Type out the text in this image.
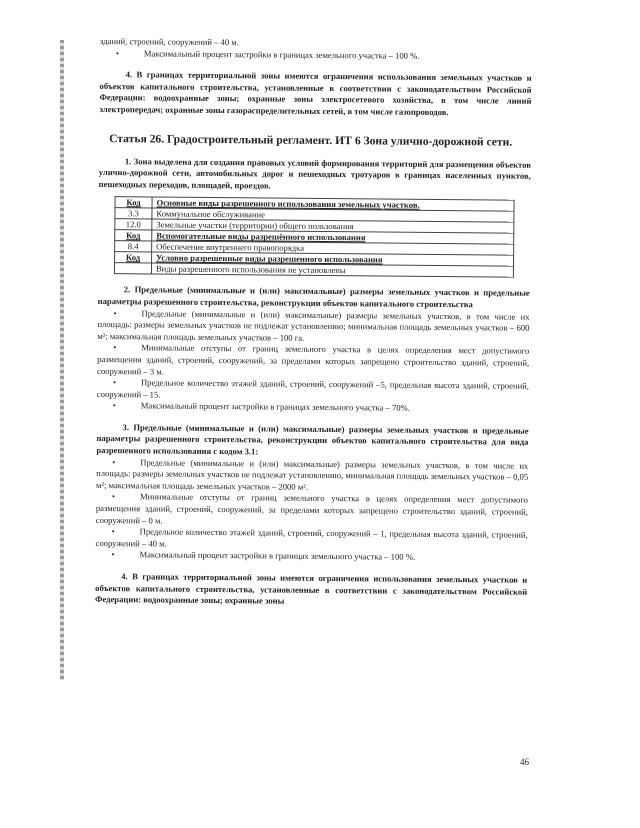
зданий, строений, сооружений – 40 м.

• Максимальный процент застройки в границах земельного участка – 100 %.

4. В границах территориальной зоны имеются ограничения использования земельных участков и объектов капитального строительства, установленные в соответствии с законодательством Российской Федерации: водоохранные зоны; охранные зоны электросетевого хозяйства, в том числе линий электропередач; охранные зоны газораспределительных сетей, в том числе газопроводов.

Статья 26. Градостроительный регламент. ИТ 6 Зона улично-дорожной сети.

1. Зона выделена для создания правовых условий формирования территорий для размещения объектов улично-дорожной сети, автомобильных дорог и пешеходных тротуаров в границах населенных пунктов, пешеходных переходов, площадей, проездов.

Код	Основные виды разрешенного использования земельных участков.
3.3	Коммунальное обслуживание
12.0	Земельные участки (территории) общего пользования
Код	Вспомогательные виды разрешённого использования
8.4	Обеспечение внутреннего правопорядка
Код	Условно разрешенные виды разрешенного использования
	Виды разрешенного использования не установлены

2. Предельные (минимальные и (или) максимальные) размеры земельных участков и предельные параметры разрешенного строительства, реконструкции объектов капитального строительства

• Предельные (минимальные и (или) максимальные) размеры земельных участков, в том числе их площадь: размеры земельных участков не подлежат установлению; минимальная площадь земельных участков – 600 м²; максимальная площадь земельных участков – 100 га.

• Минимальные отступы от границ земельного участка в целях определения мест допустимого размещения зданий, строений, сооружений, за пределами которых запрещено строительство зданий, строений, сооружений – 3 м.

• Предельное количество этажей зданий, строений, сооружений –5, предельная высота зданий, строений, сооружений – 15.

• Максимальный процент застройки в границах земельного участка – 70%.

3. Предельные (минимальные и (или) максимальные) размеры земельных участков и предельные параметры разрешенного строительства, реконструкции объектов капитального строительства для вида разрешенного использования с кодом 3.1:

• Предельные (минимальные и (или) максимальные) размеры земельных участков, в том числе их площадь: размеры земельных участков не подлежат установлению, минимальная площадь земельных участков – 0,05 м²; максимальная площадь земельных участков – 2000 м².

• Минимальные отступы от границ земельного участка в целях определения мест допустимого размещения зданий, строений, сооружений, за пределами которых запрещено строительство зданий, строений, сооружений – 0 м.

• Предельное количество этажей зданий, строений, сооружений – 1, предельная высота зданий, строений, сооружений – 40 м.

• Максимальный процент застройки в границах земельного участка – 100 %.

4. В границах территориальной зоны имеются ограничения использования земельных участков и объектов капитального строительства, установленные в соответствии с законодательством Российской Федерации: водоохранные зоны; охранные зоны

46
